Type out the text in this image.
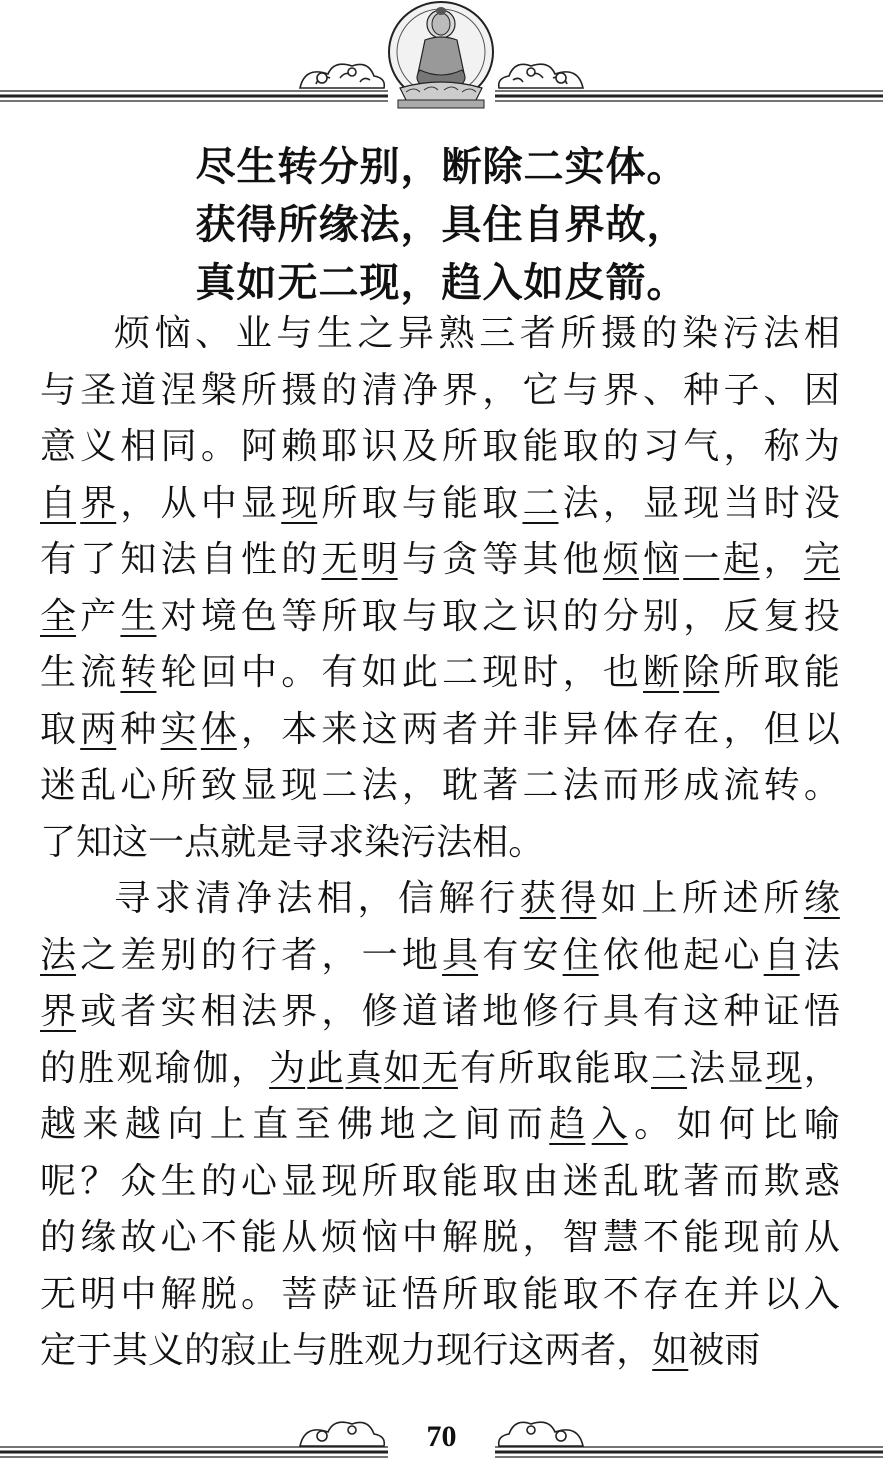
尽生转分别，断除二实体。
获得所缘法，具住自界故，
真如无二现，趋入如皮箭。
烦 恼 、 业 与 生 之 异 熟 三 者 所 摄 的 染 污 法 相
与 圣 道 涅 槃 所 摄 的 清 净 界 ， 它 与 界 、 种 子 、 因
意 义 相 同 。 阿 赖 耶 识 及 所 取 能 取 的 习 气 ， 称 为
自 界 ， 从 中 显 现 所 取 与 能 取 二 法 ， 显 现 当 时 没
有 了 知 法 自 性 的 无 明 与 贪 等 其 他 烦 恼 一 起 ， 完
全 产 生 对 境 色 等 所 取 与 取 之 识 的 分 别 ， 反 复 投
生 流 转 轮 回 中 。 有 如 此 二 现 时 ， 也 断 除 所 取 能
取 两 种 实 体 ， 本 来 这 两 者 并 非 异 体 存 在 ， 但 以
迷 乱 心 所 致 显 现 二 法 ， 耽 著 二 法 而 形 成 流 转 。
了 知 这 一 点 就 是 寻 求 染 污 法 相 。
寻 求 清 净 法 相 ， 信 解 行 获 得 如 上 所 述 所 缘
法 之 差 别 的 行 者 ， 一 地 具 有 安 住 依 他 起 心 自 法
界 或 者 实 相 法 界 ， 修 道 诸 地 修 行 具 有 这 种 证 悟
的 胜 观 瑜 伽 ， 为 此 真 如 无 有 所 取 能 取 二 法 显 现 ，
越 来 越 向 上 直 至 佛 地 之 间 而 趋 入 。 如 何 比 喻
呢 ？ 众 生 的 心 显 现 所 取 能 取 由 迷 乱 耽 著 而 欺 惑
的 缘 故 心 不 能 从 烦 恼 中 解 脱 ， 智 慧 不 能 现 前 从
无 明 中 解 脱 。 菩 萨 证 悟 所 取 能 取 不 存 在 并 以 入
定 于 其 义 的 寂 止 与 胜 观 力 现 行 这 两 者 ， 如 被 雨
70
